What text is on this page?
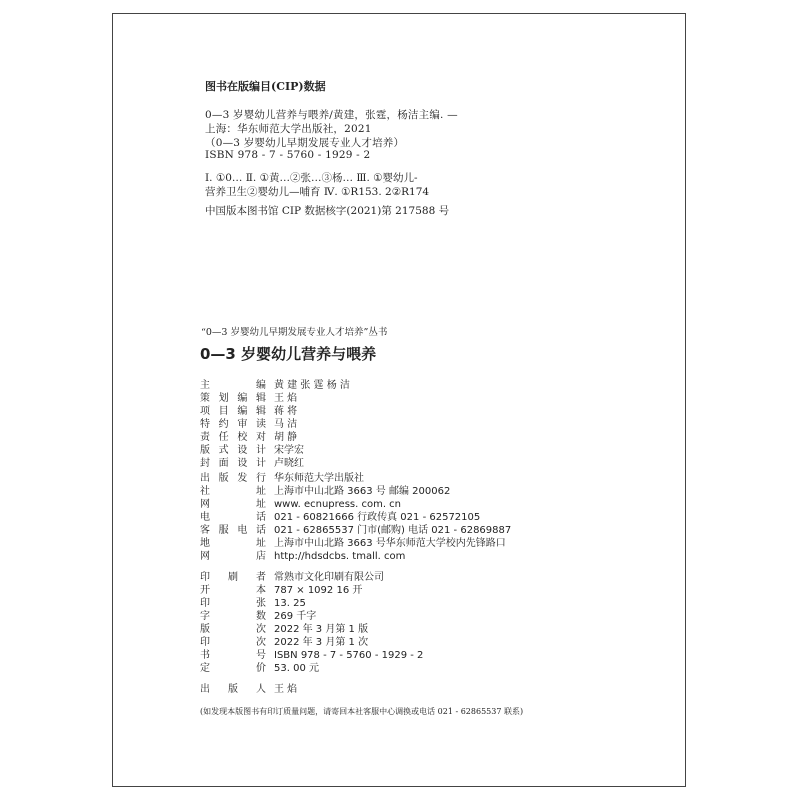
图书在版编目(CIP)数据
0—3 岁婴幼儿营养与喂养/黄建，张霆，杨洁主编. —
上海：华东师范大学出版社，2021
（0—3 岁婴幼儿早期发展专业人才培养）
ISBN 978 - 7 - 5760 - 1929 - 2
Ⅰ. ①0… Ⅱ. ①黄…②张…③杨… Ⅲ. ①婴幼儿-
营养卫生②婴幼儿—哺育 Ⅳ. ①R153. 2②R174
中国版本图书馆 CIP 数据核字(2021)第 217588 号
“0—3 岁婴幼儿早期发展专业人才培养”丛书
0—3 岁婴幼儿营养与喂养
主 编 黄 建 张 霆 杨 洁
策划编辑 王 焰
项目编辑 蒋 将
特约审读 马 洁
责任校对 胡 静
版式设计 宋学宏
封面设计 卢晓红
出版发行 华东师范大学出版社
社 址 上海市中山北路 3663 号 邮编 200062
网 址 www. ecnupress. com. cn
电 话 021 - 60821666 行政传真 021 - 62572105
客服电话 021 - 62865537 门市(邮购) 电话 021 - 62869887
地 址 上海市中山北路 3663 号华东师范大学校内先锋路口
网 店 http://hdsdcbs. tmall. com
印 刷 者 常熟市文化印刷有限公司
开 本 787 × 1092 16 开
印 张 13. 25
字 数 269 千字
版 次 2022 年 3 月第 1 版
印 次 2022 年 3 月第 1 次
书 号 ISBN 978 - 7 - 5760 - 1929 - 2
定 价 53. 00 元
出 版 人 王 焰
(如发现本版图书有印订质量问题，请寄回本社客服中心调换或电话 021 - 62865537 联系)
